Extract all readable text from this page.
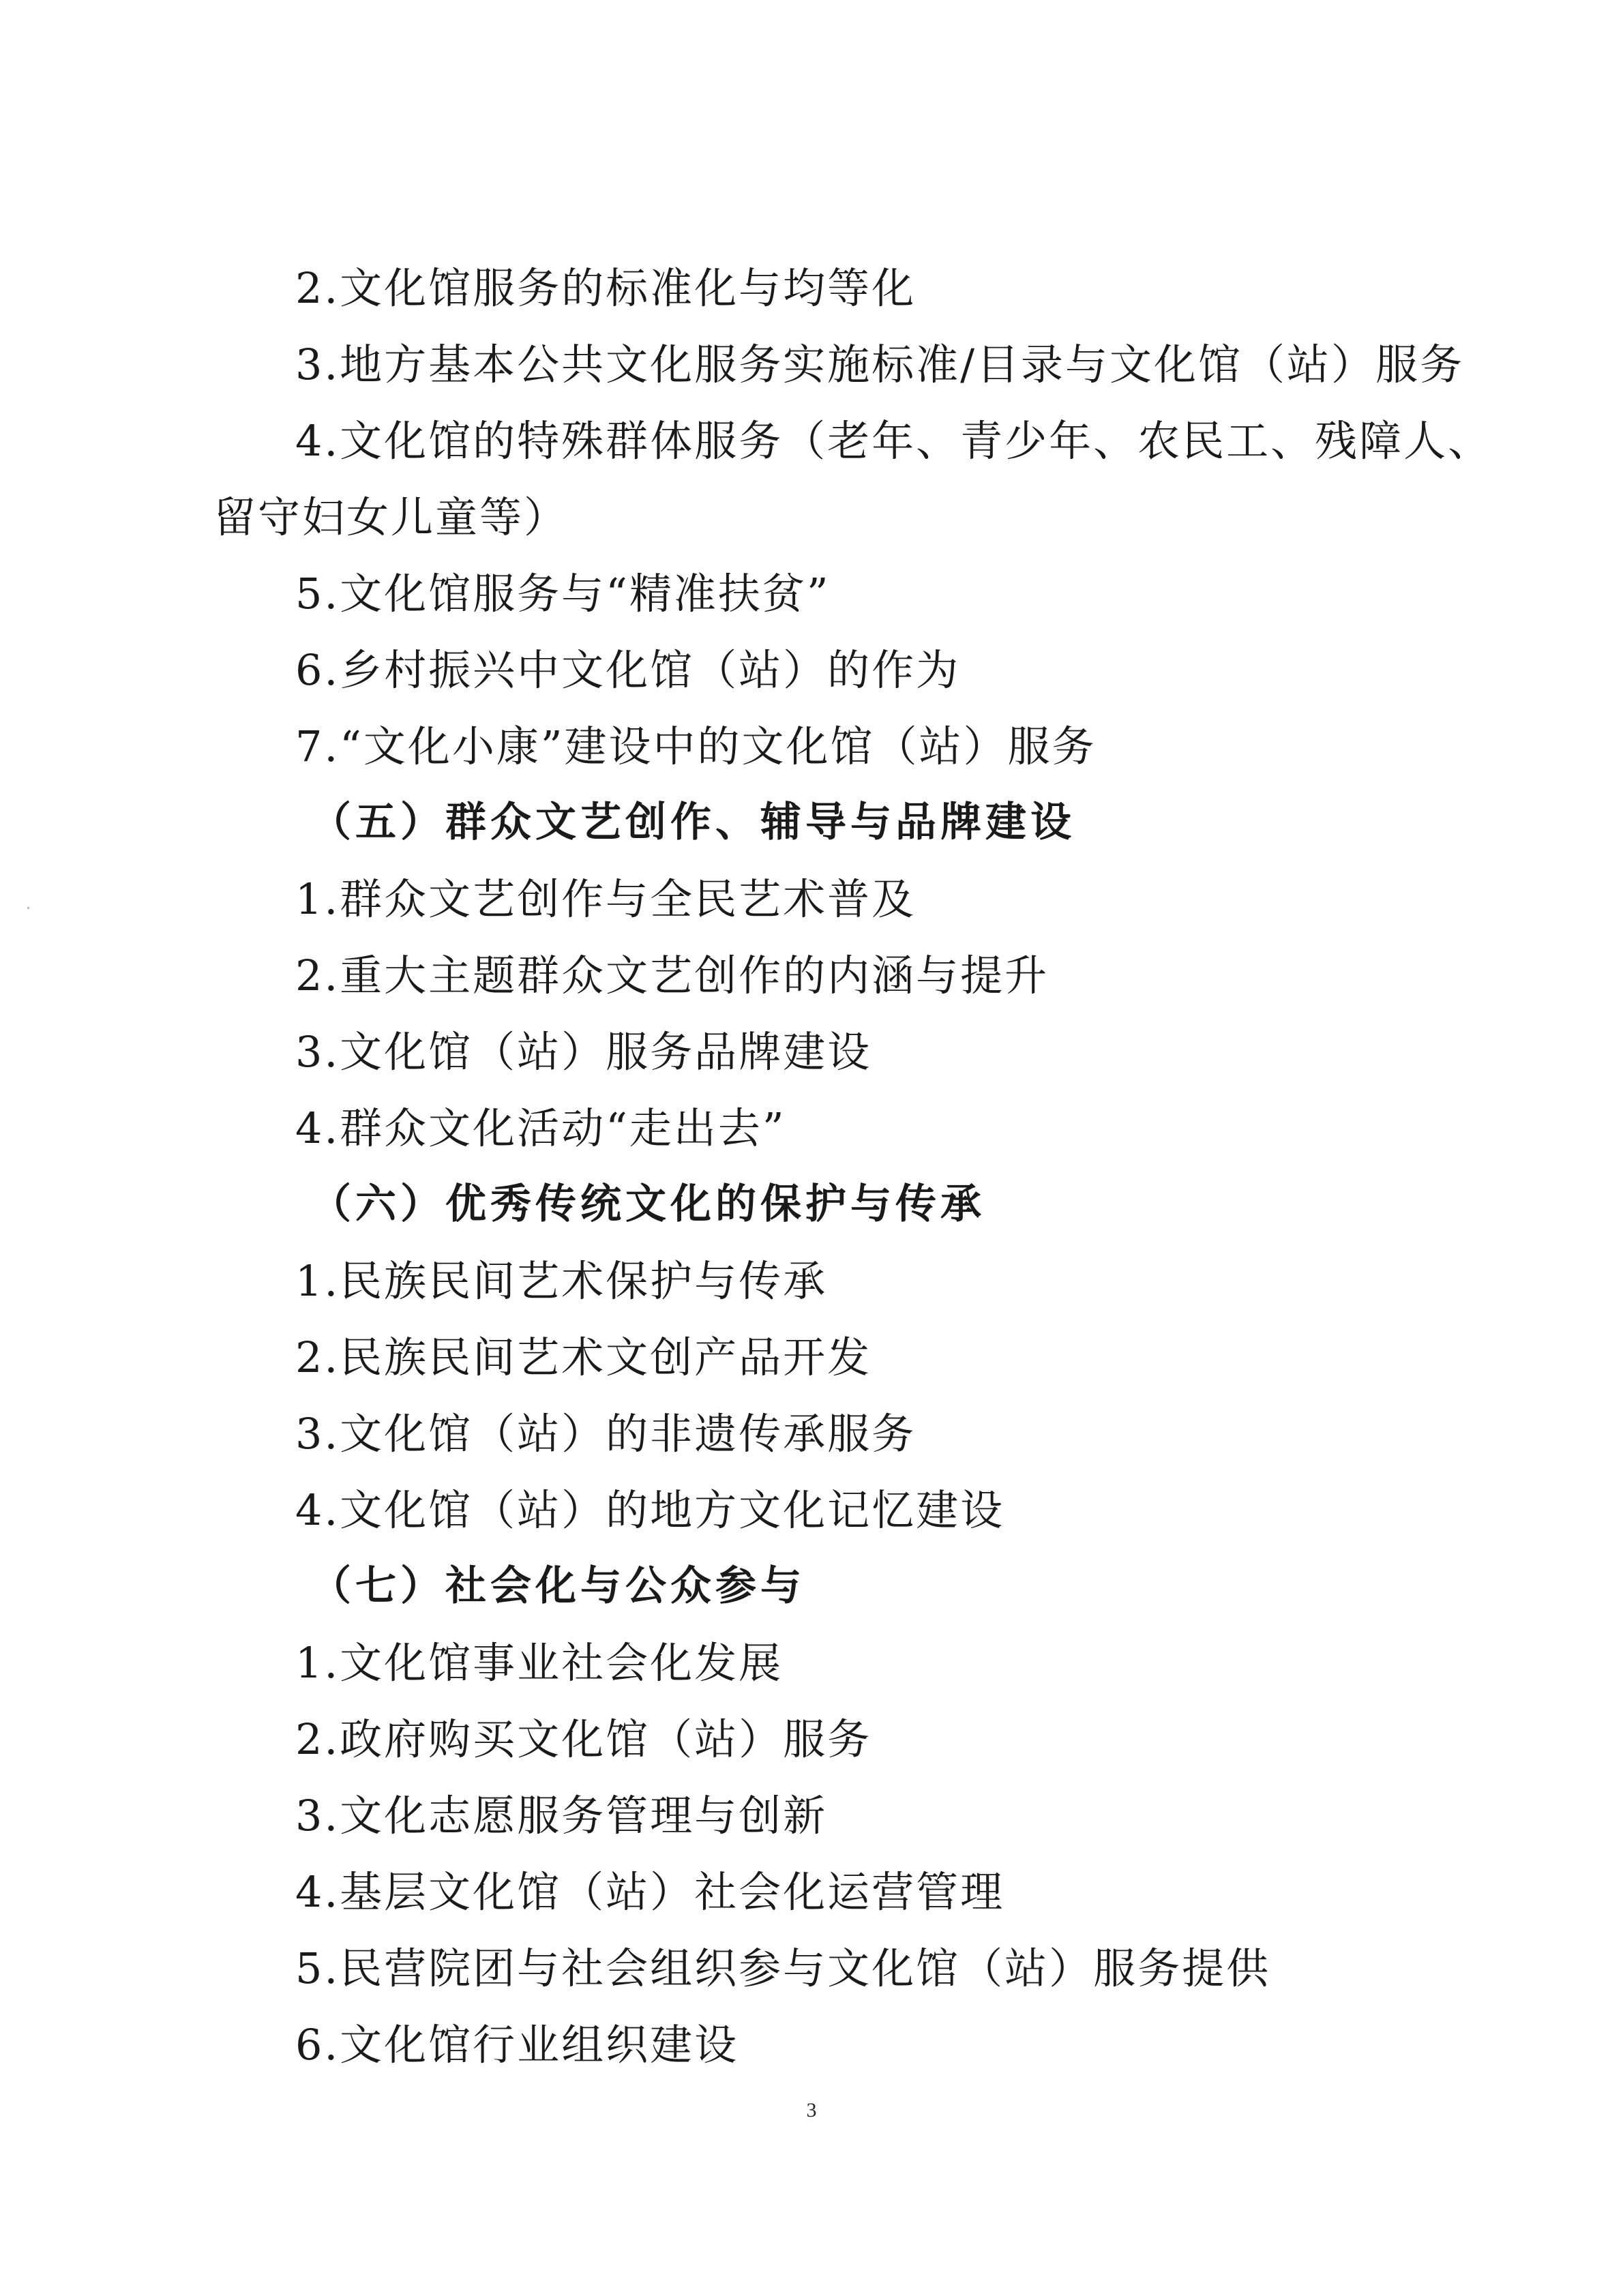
2.文化馆服务的标准化与均等化
3.地方基本公共文化服务实施标准/目录与文化馆（站）服务
4.文化馆的特殊群体服务（老年、青少年、农民工、残障人、
留守妇女儿童等）
5.文化馆服务与“精准扶贫”
6.乡村振兴中文化馆（站）的作为
7.“文化小康”建设中的文化馆（站）服务
（五）群众文艺创作、辅导与品牌建设
1.群众文艺创作与全民艺术普及
2.重大主题群众文艺创作的内涵与提升
3.文化馆（站）服务品牌建设
4.群众文化活动“走出去”
（六）优秀传统文化的保护与传承
1.民族民间艺术保护与传承
2.民族民间艺术文创产品开发
3.文化馆（站）的非遗传承服务
4.文化馆（站）的地方文化记忆建设
（七）社会化与公众参与
1.文化馆事业社会化发展
2.政府购买文化馆（站）服务
3.文化志愿服务管理与创新
4.基层文化馆（站）社会化运营管理
5.民营院团与社会组织参与文化馆（站）服务提供
6.文化馆行业组织建设
3
